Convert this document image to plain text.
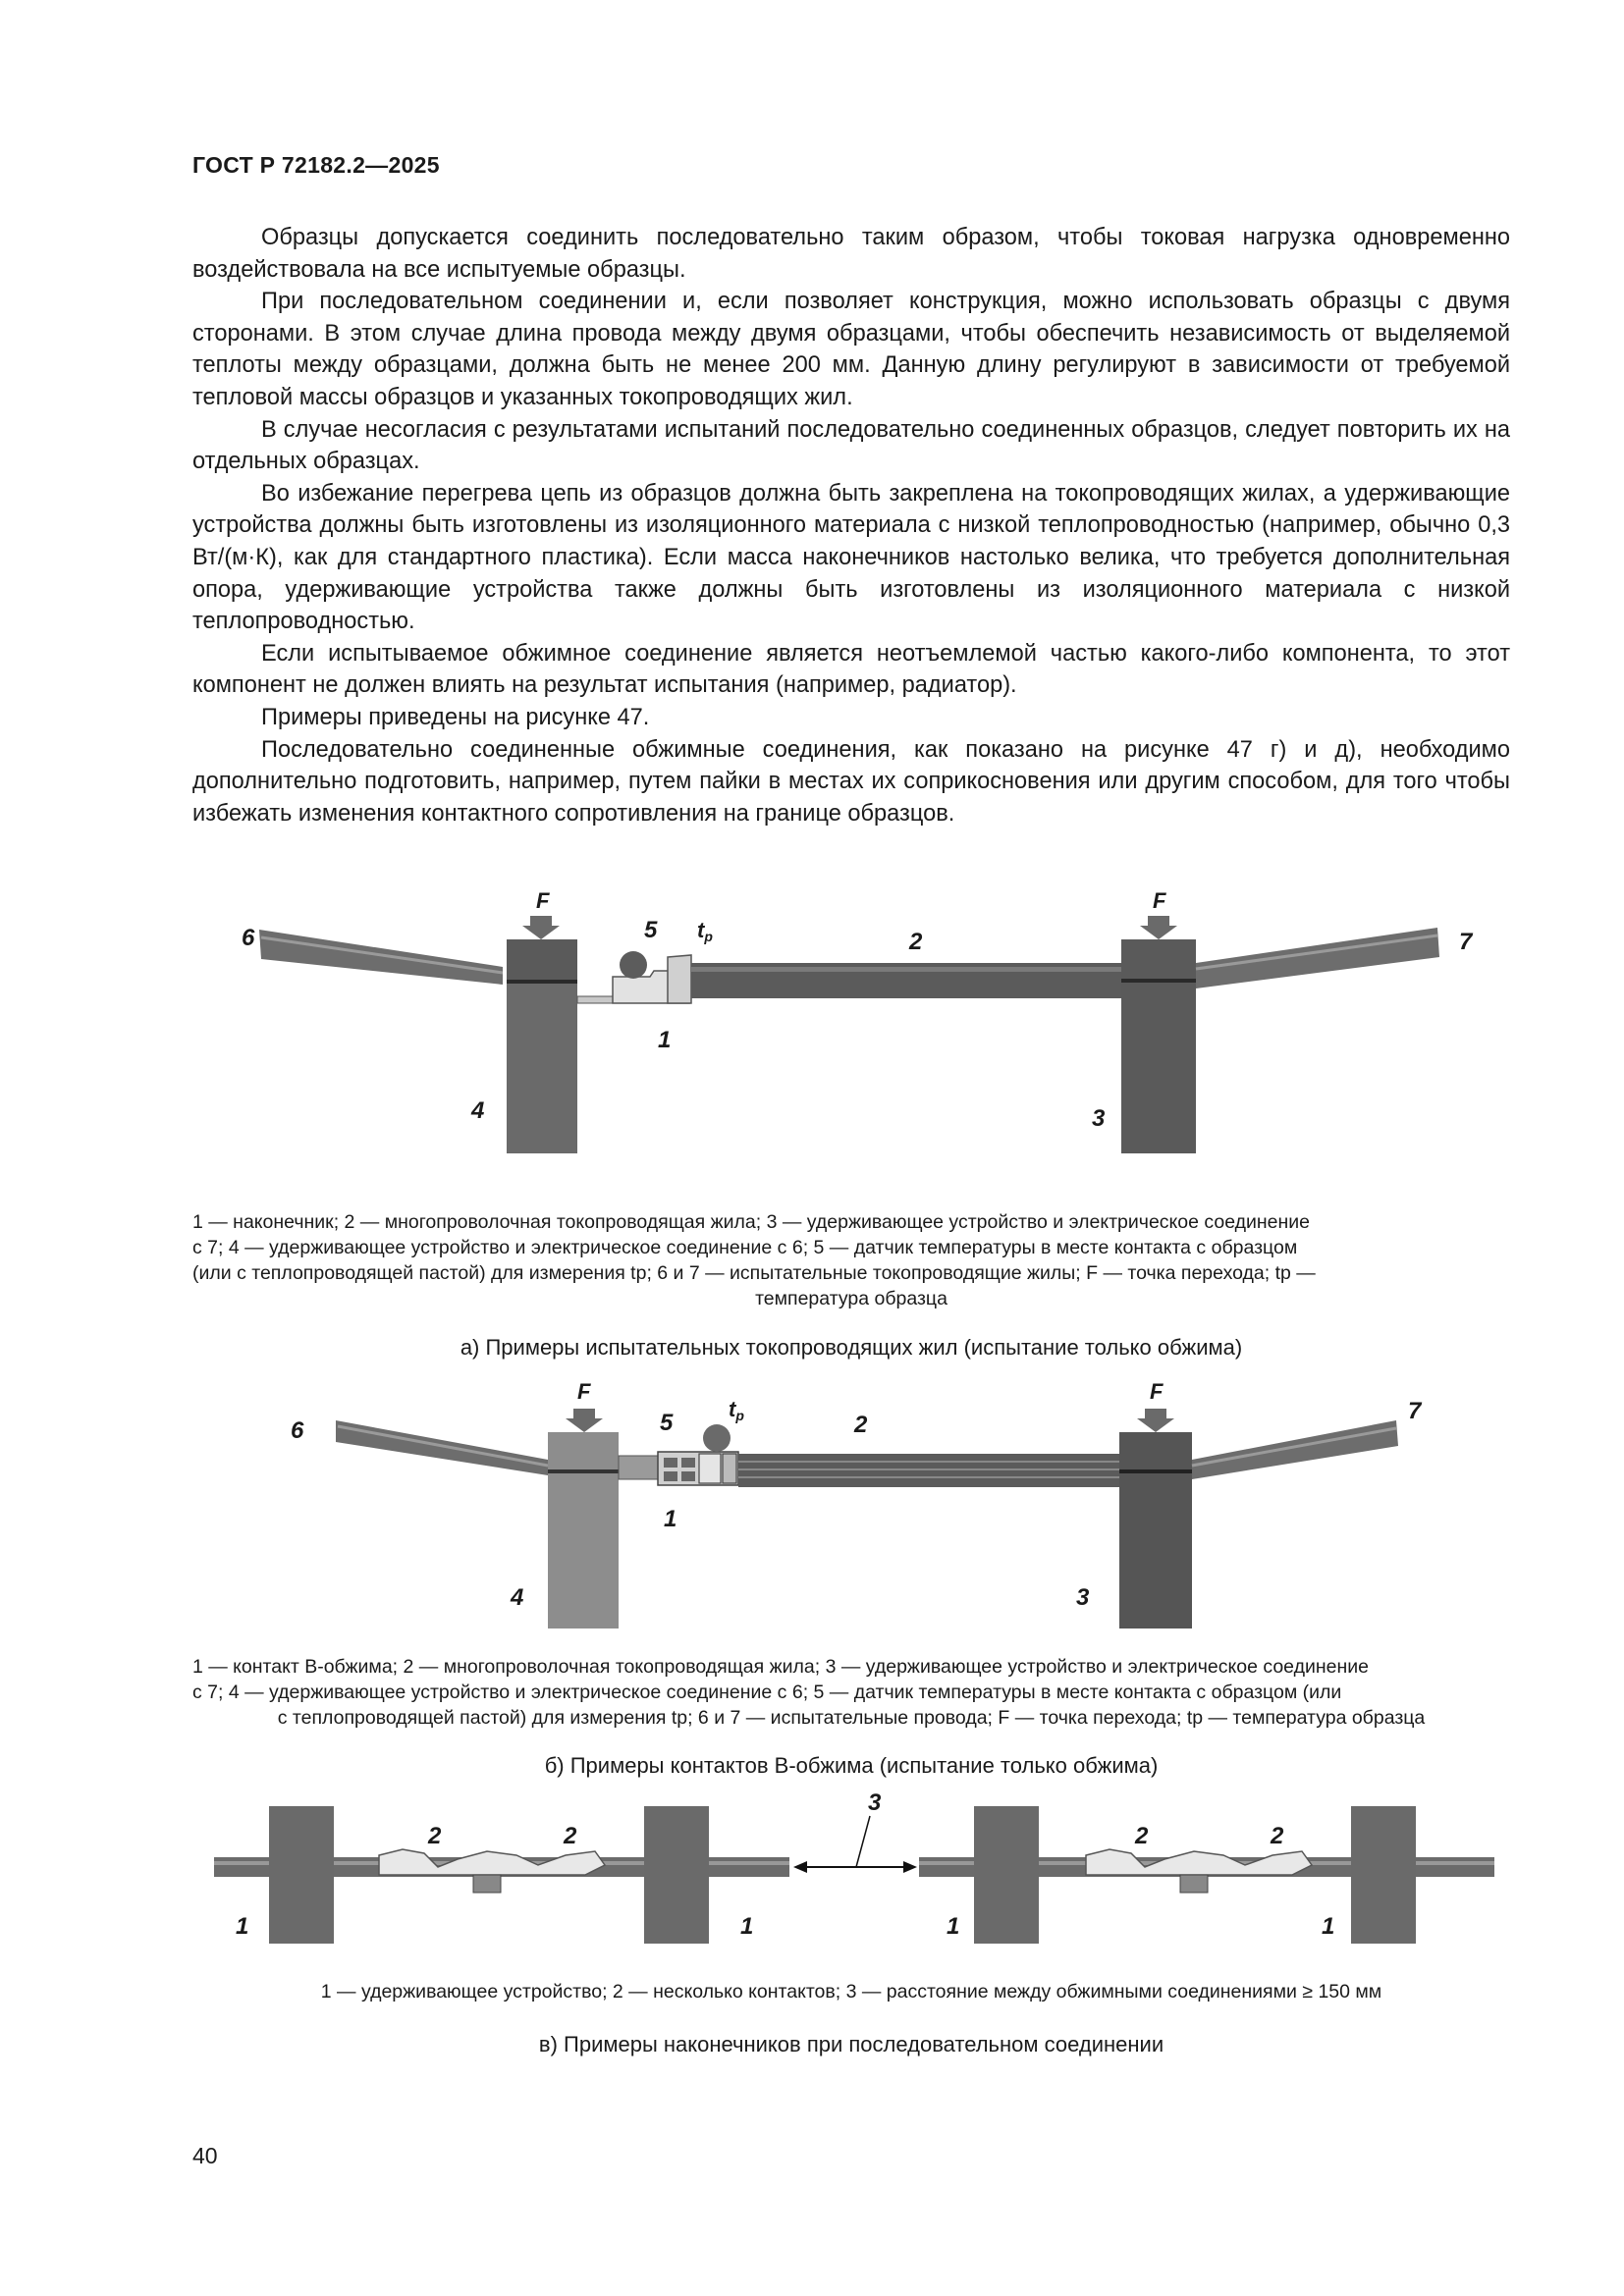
ГОСТ Р 72182.2—2025

Образцы допускается соединить последовательно таким образом, чтобы токовая нагрузка одновременно воздействовала на все испытуемые образцы.

При последовательном соединении и, если позволяет конструкция, можно использовать образцы с двумя сторонами. В этом случае длина провода между двумя образцами, чтобы обеспечить независимость от выделяемой теплоты между образцами, должна быть не менее 200 мм. Данную длину регулируют в зависимости от требуемой тепловой массы образцов и указанных токопроводящих жил.

В случае несогласия с результатами испытаний последовательно соединенных образцов, следует повторить их на отдельных образцах.

Во избежание перегрева цепь из образцов должна быть закреплена на токопроводящих жилах, а удерживающие устройства должны быть изготовлены из изоляционного материала с низкой теплопроводностью (например, обычно 0,3 Вт/(м·К), как для стандартного пластика). Если масса наконечников настолько велика, что требуется дополнительная опора, удерживающие устройства также должны быть изготовлены из изоляционного материала с низкой теплопроводностью.

Если испытываемое обжимное соединение является неотъемлемой частью какого-либо компонента, то этот компонент не должен влиять на результат испытания (например, радиатор).

Примеры приведены на рисунке 47.

Последовательно соединенные обжимные соединения, как показано на рисунке 47 г) и д), необходимо дополнительно подготовить, например, путем пайки в местах их соприкосновения или другим способом, для того чтобы избежать изменения контактного сопротивления на границе образцов.

F	F
6	5 tp	2	7
1
4	3
1 — наконечник; 2 — многопроволочная токопроводящая жила; 3 — удерживающее устройство и электрическое соединение
с 7; 4 — удерживающее устройство и электрическое соединение с 6; 5 — датчик температуры в месте контакта с образцом
(или с теплопроводящей пастой) для измерения tp; 6 и 7 — испытательные токопроводящие жилы; F — точка перехода; tp —
температура образца
а) Примеры испытательных токопроводящих жил (испытание только обжима)
F	F
6	5
tp	2
7
1
4	3
1 — контакт В-обжима; 2 — многопроволочная токопроводящая жила; 3 — удерживающее устройство и электрическое соединение
с 7; 4 — удерживающее устройство и электрическое соединение с 6; 5 — датчик температуры в месте контакта с образцом (или
с теплопроводящей пастой) для измерения tp; 6 и 7 — испытательные провода; F — точка перехода; tp — температура образца
б) Примеры контактов В-обжима (испытание только обжима)
3
2	2	2	2
1	1	1	1
1 — удерживающее устройство; 2 — несколько контактов; 3 — расстояние между обжимными соединениями ≥ 150 мм
в) Примеры наконечников при последовательном соединении
40
